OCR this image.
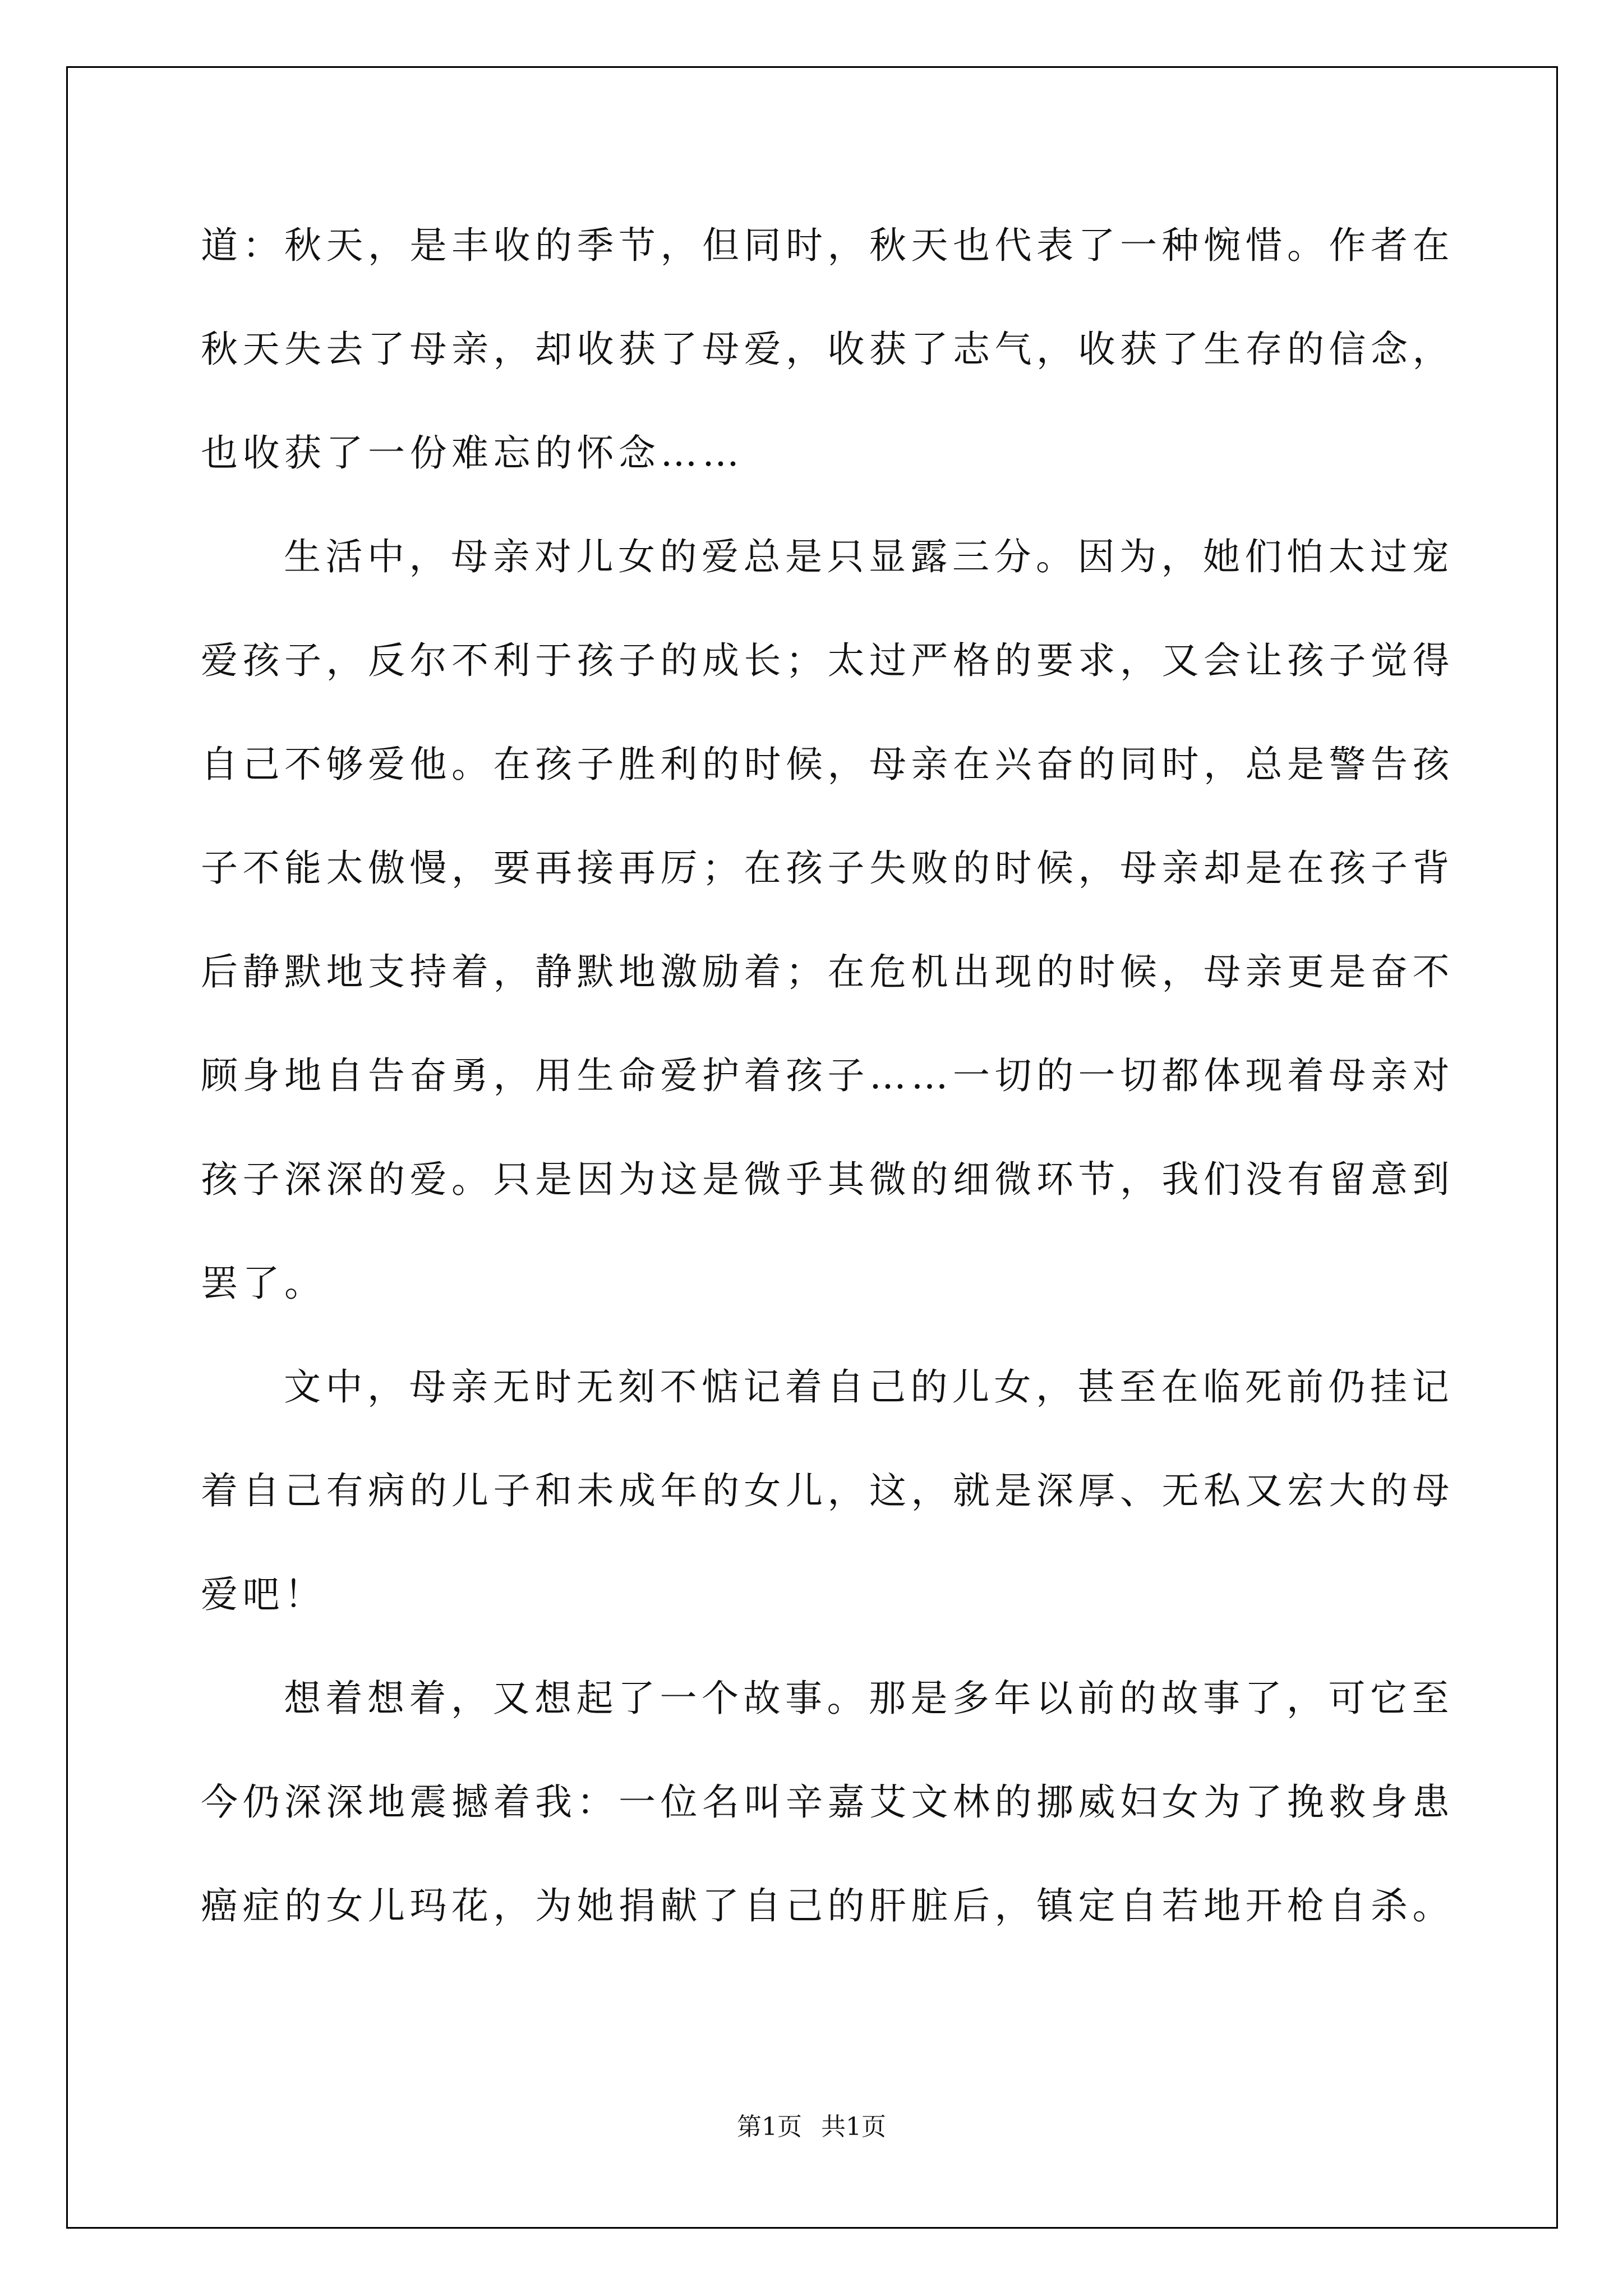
道：秋天，是丰收的季节，但同时，秋天也代表了一种惋惜。作者在
秋天失去了母亲，却收获了母爱，收获了志气，收获了生存的信念，
也收获了一份难忘的怀念……
生活中，母亲对儿女的爱总是只显露三分。因为，她们怕太过宠
爱孩子，反尔不利于孩子的成长；太过严格的要求，又会让孩子觉得
自己不够爱他。在孩子胜利的时候，母亲在兴奋的同时，总是警告孩
子不能太傲慢，要再接再厉；在孩子失败的时候，母亲却是在孩子背
后静默地支持着，静默地激励着；在危机出现的时候，母亲更是奋不
顾身地自告奋勇，用生命爱护着孩子……一切的一切都体现着母亲对
孩子深深的爱。只是因为这是微乎其微的细微环节，我们没有留意到
罢了。
文中，母亲无时无刻不惦记着自己的儿女，甚至在临死前仍挂记
着自己有病的儿子和未成年的女儿，这，就是深厚、无私又宏大的母
爱吧！
想着想着，又想起了一个故事。那是多年以前的故事了，可它至
今仍深深地震撼着我：一位名叫辛嘉艾文林的挪威妇女为了挽救身患
癌症的女儿玛花，为她捐献了自己的肝脏后，镇定自若地开枪自杀。
第1页 共1页
